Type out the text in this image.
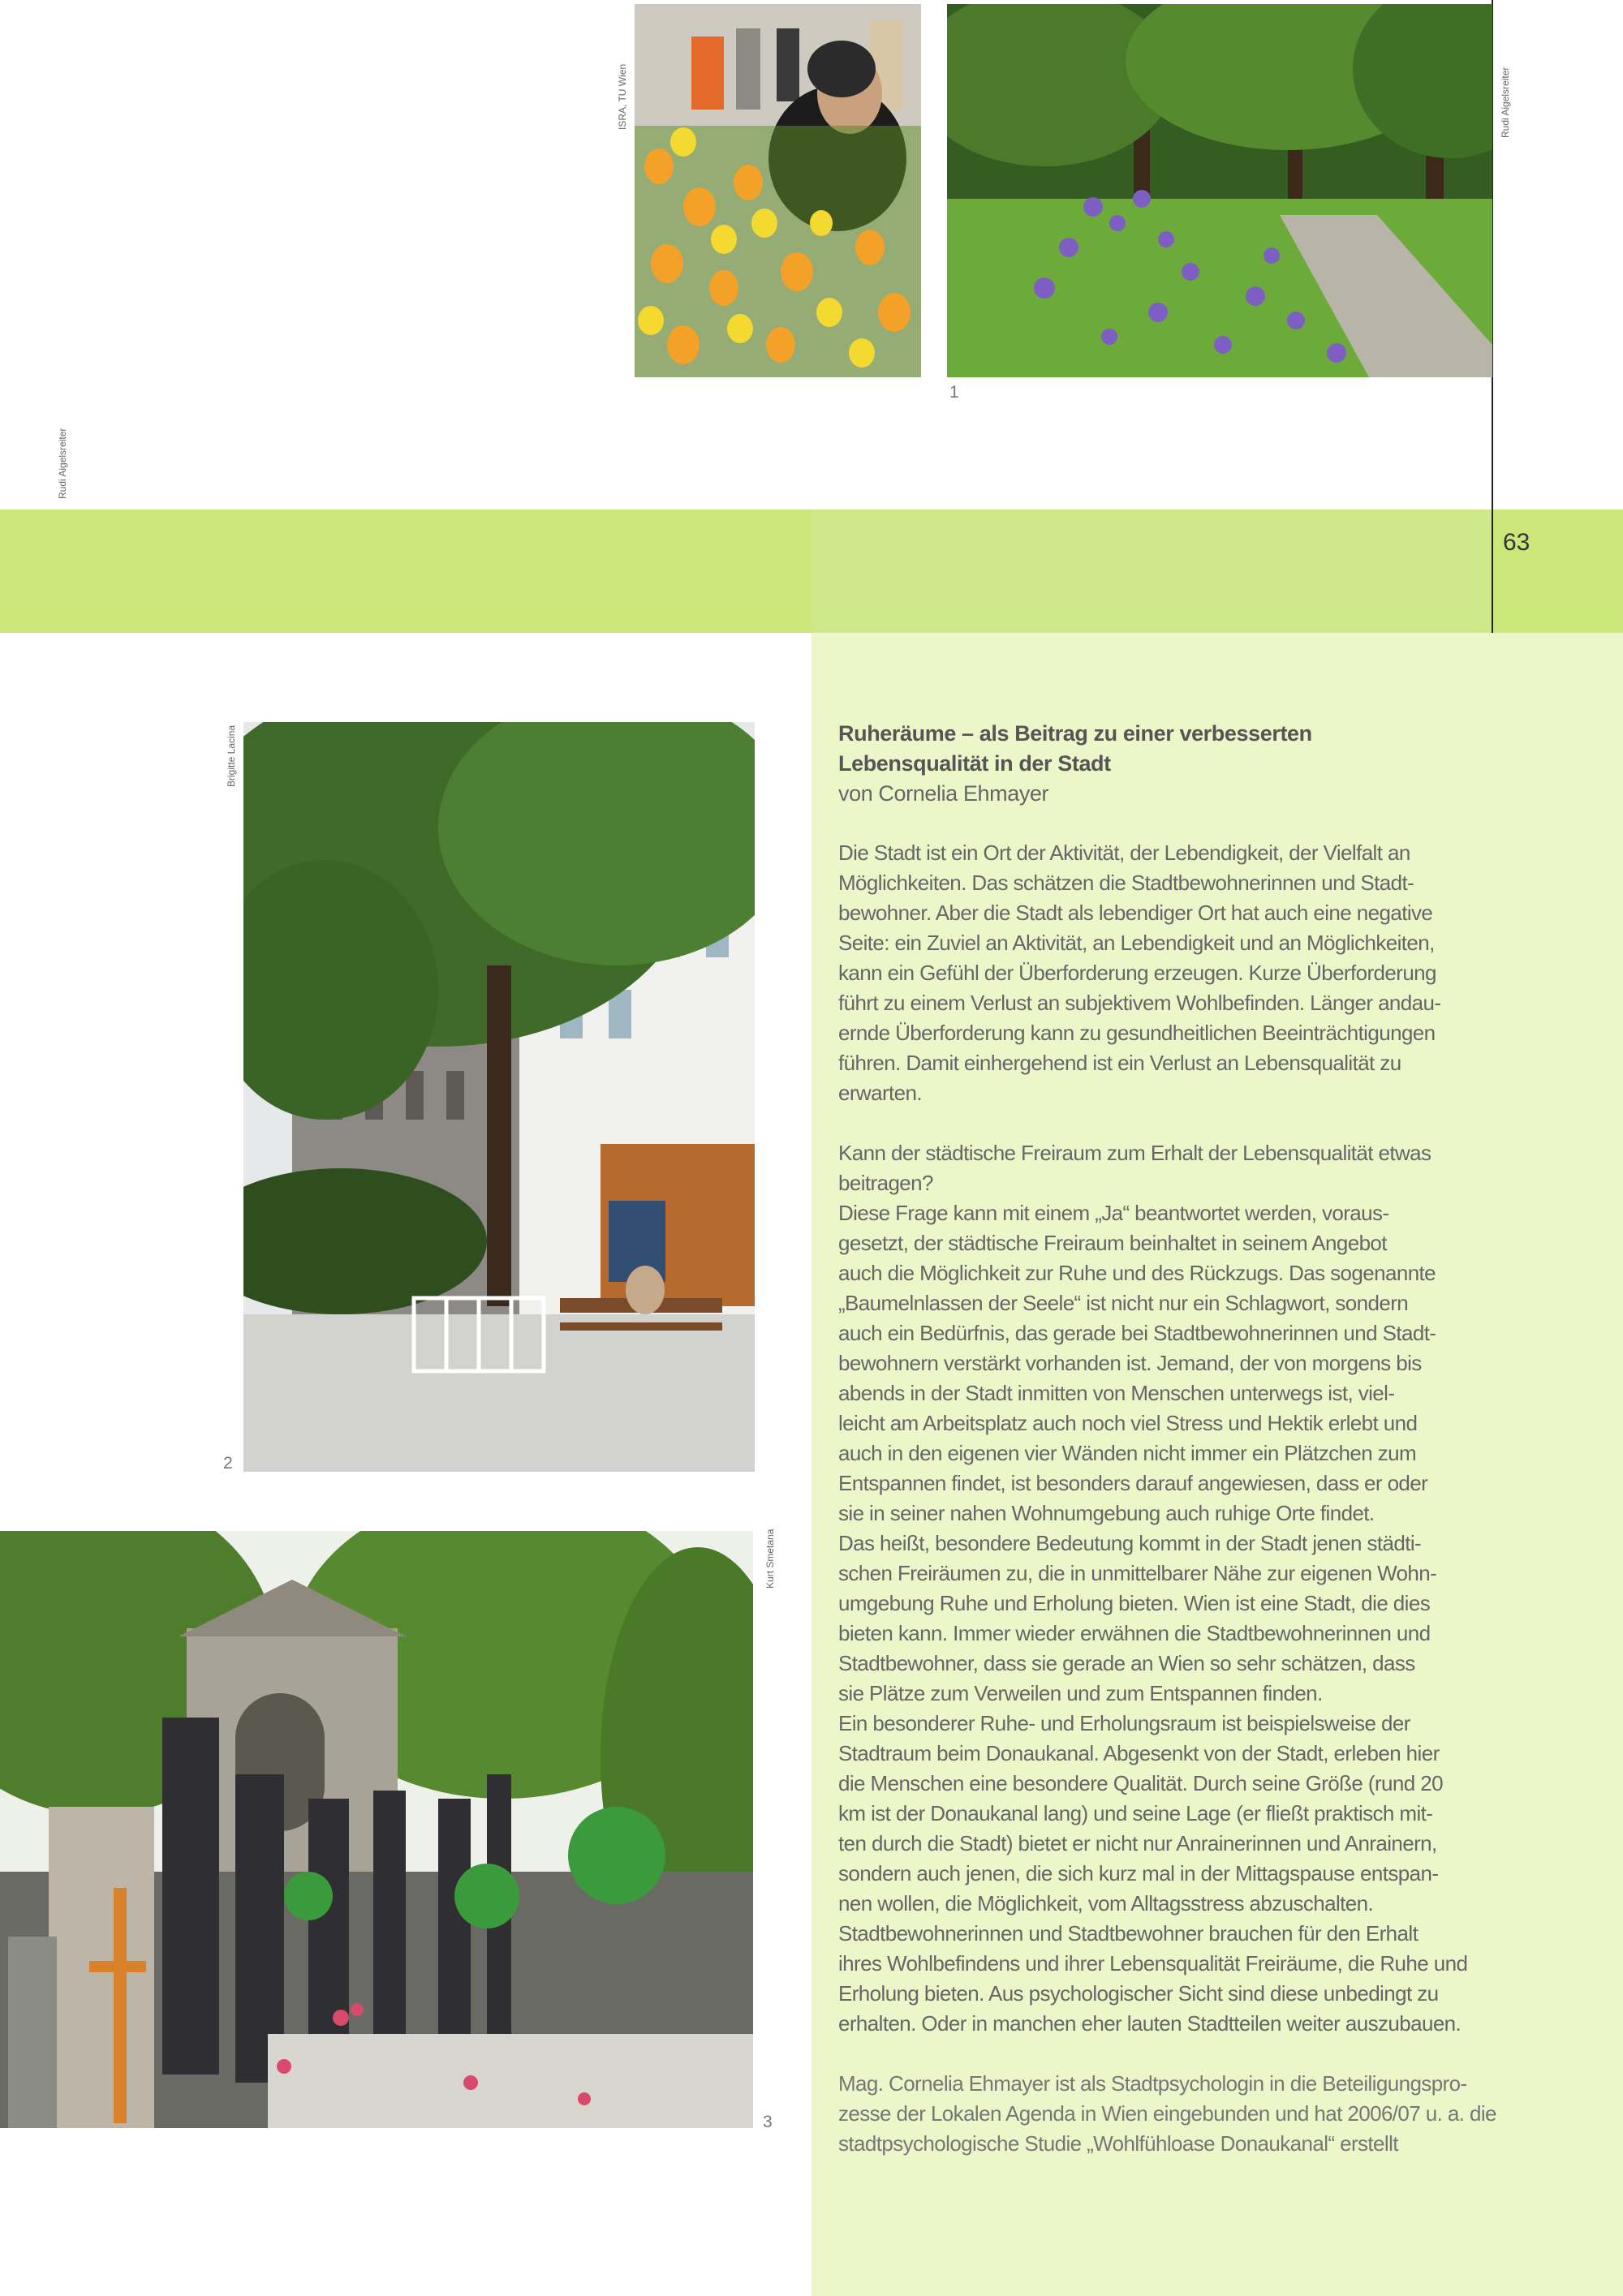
63
ISRA, TU Wien	Rudi Aigelsreiter
1
Rudi Aigelsreiter
Brigitte Lacina
2
Kurt Smetana
3

Ruheräume – als Beitrag zu einer verbesserten

Lebensqualität in der Stadt

von Cornelia Ehmayer

Die Stadt ist ein Ort der Aktivität, der Lebendigkeit, der Vielfalt an
Möglichkeiten. Das schätzen die Stadtbewohnerinnen und Stadt-
bewohner. Aber die Stadt als lebendiger Ort hat auch eine negative
Seite: ein Zuviel an Aktivität, an Lebendigkeit und an Möglichkeiten,
kann ein Gefühl der Überforderung erzeugen. Kurze Überforderung
führt zu einem Verlust an subjektivem Wohlbefinden. Länger andau-
ernde Überforderung kann zu gesundheitlichen Beeinträchtigungen
führen. Damit einhergehend ist ein Verlust an Lebensqualität zu
erwarten.

Kann der städtische Freiraum zum Erhalt der Lebensqualität etwas
beitragen?
Diese Frage kann mit einem „Ja“ beantwortet werden, voraus-
gesetzt, der städtische Freiraum beinhaltet in seinem Angebot
auch die Möglichkeit zur Ruhe und des Rückzugs. Das sogenannte
„Baumelnlassen der Seele“ ist nicht nur ein Schlagwort, sondern
auch ein Bedürfnis, das gerade bei Stadtbewohnerinnen und Stadt-
bewohnern verstärkt vorhanden ist. Jemand, der von morgens bis
abends in der Stadt inmitten von Menschen unterwegs ist, viel-
leicht am Arbeitsplatz auch noch viel Stress und Hektik erlebt und
auch in den eigenen vier Wänden nicht immer ein Plätzchen zum
Entspannen findet, ist besonders darauf angewiesen, dass er oder
sie in seiner nahen Wohnumgebung auch ruhige Orte findet.
Das heißt, besondere Bedeutung kommt in der Stadt jenen städti-
schen Freiräumen zu, die in unmittelbarer Nähe zur eigenen Wohn-
umgebung Ruhe und Erholung bieten. Wien ist eine Stadt, die dies
bieten kann. Immer wieder erwähnen die Stadtbewohnerinnen und
Stadtbewohner, dass sie gerade an Wien so sehr schätzen, dass
sie Plätze zum Verweilen und zum Entspannen finden.
Ein besonderer Ruhe- und Erholungsraum ist beispielsweise der
Stadtraum beim Donaukanal. Abgesenkt von der Stadt, erleben hier
die Menschen eine besondere Qualität. Durch seine Größe (rund 20
km ist der Donaukanal lang) und seine Lage (er fließt praktisch mit-
ten durch die Stadt) bietet er nicht nur Anrainerinnen und Anrainern,
sondern auch jenen, die sich kurz mal in der Mittagspause entspan-
nen wollen, die Möglichkeit, vom Alltagsstress abzuschalten.
Stadtbewohnerinnen und Stadtbewohner brauchen für den Erhalt
ihres Wohlbefindens und ihrer Lebensqualität Freiräume, die Ruhe und
Erholung bieten. Aus psychologischer Sicht sind diese unbedingt zu
erhalten. Oder in manchen eher lauten Stadtteilen weiter auszubauen.

Mag. Cornelia Ehmayer ist als Stadtpsychologin in die Beteiligungspro-
zesse der Lokalen Agenda in Wien eingebunden und hat 2006/07 u. a. die
stadtpsychologische Studie „Wohlfühloase Donaukanal“ erstellt
